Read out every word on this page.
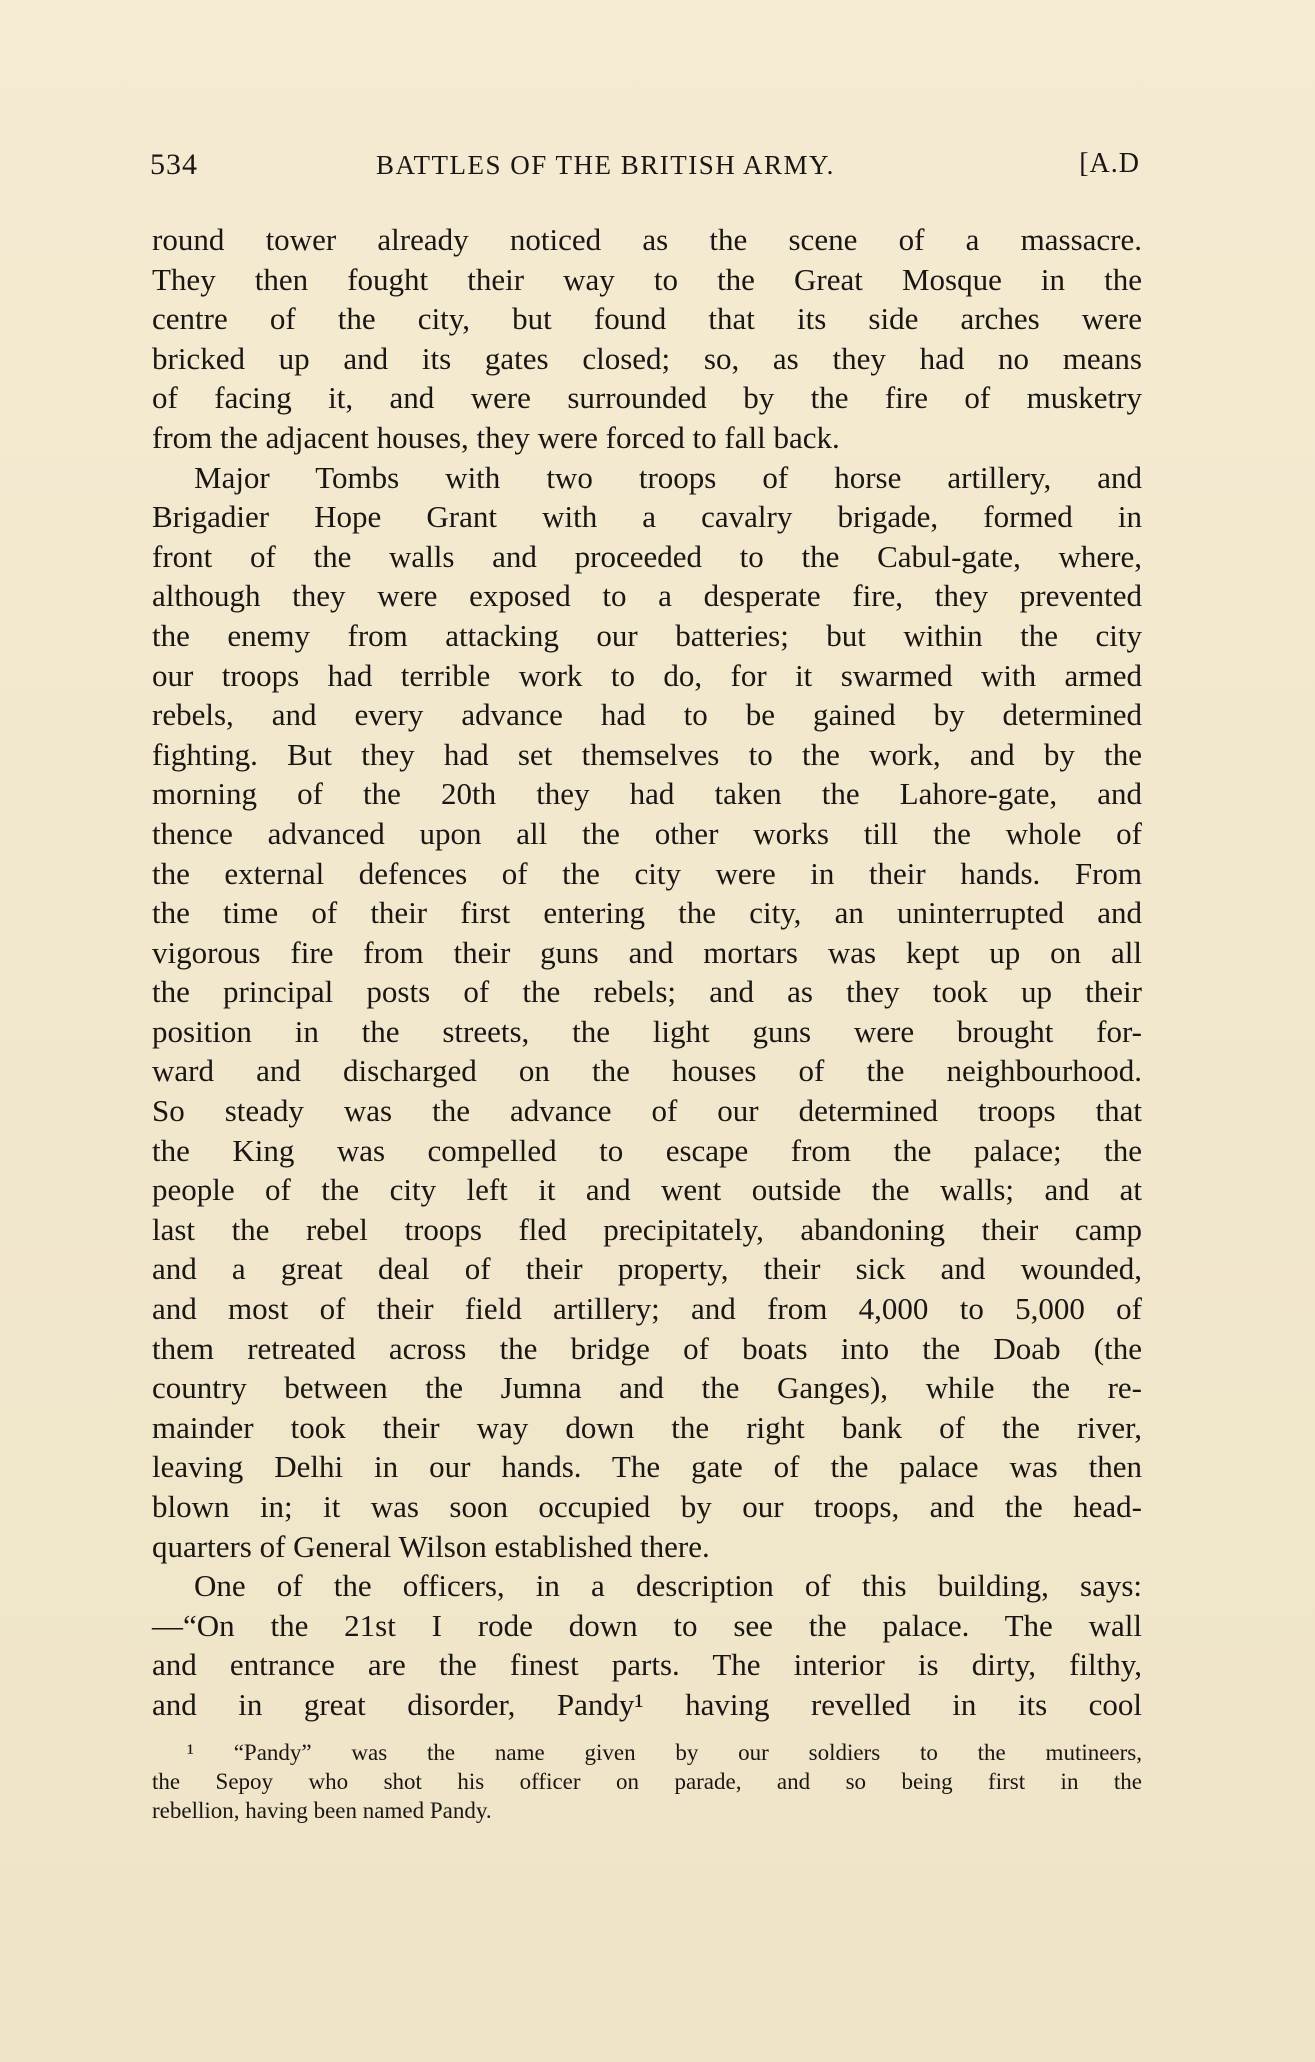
534	BATTLES OF THE BRITISH ARMY.	[A.D
round tower already noticed as the scene of a massacre.
They then fought their way to the Great Mosque in the
centre of the city, but found that its side arches were
bricked up and its gates closed; so, as they had no means
of facing it, and were surrounded by the fire of musketry
from the adjacent houses, they were forced to fall back.
Major Tombs with two troops of horse artillery, and
Brigadier Hope Grant with a cavalry brigade, formed in
front of the walls and proceeded to the Cabul-gate, where,
although they were exposed to a desperate fire, they prevented
the enemy from attacking our batteries; but within the city
our troops had terrible work to do, for it swarmed with armed
rebels, and every advance had to be gained by determined
fighting. But they had set themselves to the work, and by the
morning of the 20th they had taken the Lahore-gate, and
thence advanced upon all the other works till the whole of
the external defences of the city were in their hands. From
the time of their first entering the city, an uninterrupted and
vigorous fire from their guns and mortars was kept up on all
the principal posts of the rebels; and as they took up their
position in the streets, the light guns were brought for-
ward and discharged on the houses of the neighbourhood.
So steady was the advance of our determined troops that
the King was compelled to escape from the palace; the
people of the city left it and went outside the walls; and at
last the rebel troops fled precipitately, abandoning their camp
and a great deal of their property, their sick and wounded,
and most of their field artillery; and from 4,000 to 5,000 of
them retreated across the bridge of boats into the Doab (the
country between the Jumna and the Ganges), while the re-
mainder took their way down the right bank of the river,
leaving Delhi in our hands. The gate of the palace was then
blown in; it was soon occupied by our troops, and the head-
quarters of General Wilson established there.
One of the officers, in a description of this building, says:
—“On the 21st I rode down to see the palace. The wall
and entrance are the finest parts. The interior is dirty, filthy,
and in great disorder, Pandy¹ having revelled in its cool
¹ “Pandy” was the name given by our soldiers to the mutineers,
the Sepoy who shot his officer on parade, and so being first in the
rebellion, having been named Pandy.
